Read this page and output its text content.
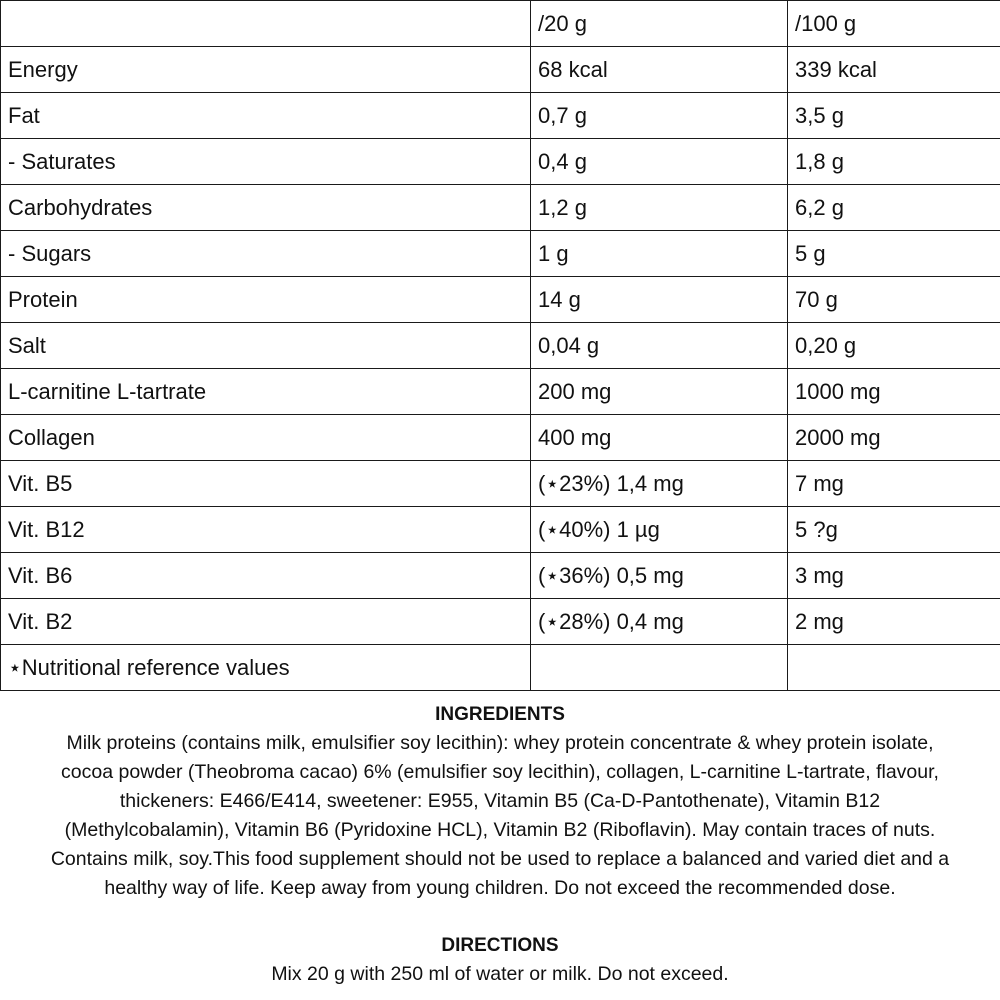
	/20 g	/100 g
Energy	68 kcal	339 kcal
Fat	0,7 g	3,5 g
- Saturates	0,4 g	1,8 g
Carbohydrates	1,2 g	6,2 g
- Sugars	1 g	5 g
Protein	14 g	70 g
Salt	0,04 g	0,20 g
L-carnitine L-tartrate	200 mg	1000 mg
Collagen	400 mg	2000 mg
Vit. B5	(⋆23%) 1,4 mg	7 mg
Vit. B12	(⋆40%) 1 µg	5 ?g
Vit. B6	(⋆36%) 0,5 mg	3 mg
Vit. B2	(⋆28%) 0,4 mg	2 mg
⋆Nutritional reference values		
INGREDIENTS

Milk proteins (contains milk, emulsifier soy lecithin): whey protein concentrate & whey protein isolate,

cocoa powder (Theobroma cacao) 6% (emulsifier soy lecithin), collagen, L-carnitine L-tartrate, flavour,

thickeners: E466/E414, sweetener: E955, Vitamin B5 (Ca-D-Pantothenate), Vitamin B12

(Methylcobalamin), Vitamin B6 (Pyridoxine HCL), Vitamin B2 (Riboflavin). May contain traces of nuts.

Contains milk, soy.This food supplement should not be used to replace a balanced and varied diet and a

healthy way of life. Keep away from young children. Do not exceed the recommended dose.

DIRECTIONS

Mix 20 g with 250 ml of water or milk. Do not exceed.
